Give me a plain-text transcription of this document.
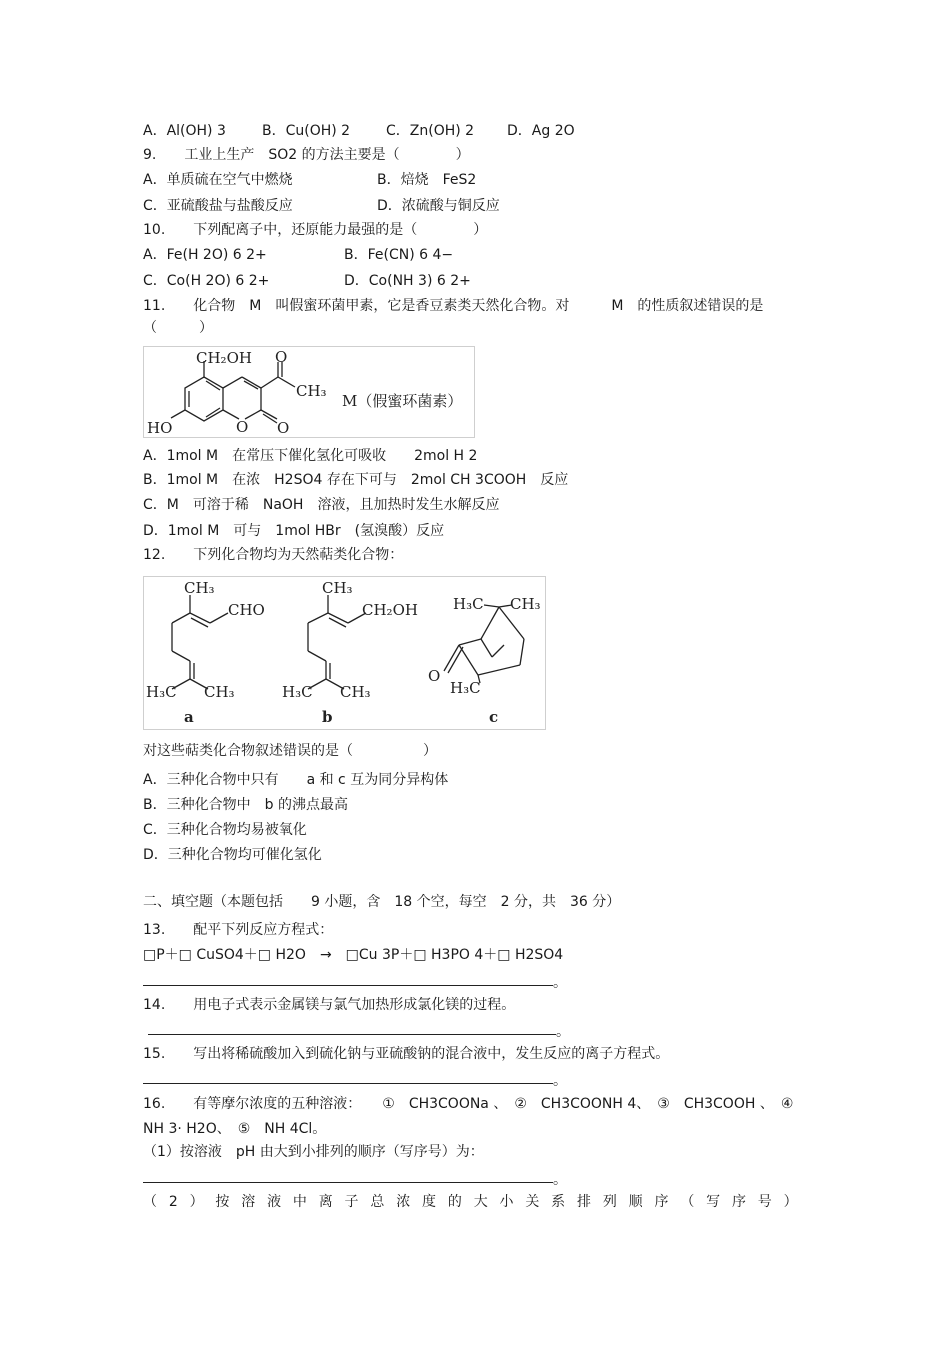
A．Al(OH) 3	B．Cu(OH) 2	C．Zn(OH) 2 D．Ag 2O
9.　　工业上生产　SO2 的方法主要是（　　　　）
A．单质硫在空气中燃烧	B．焙烧　FeS2
C．亚硫酸盐与盐酸反应	D．浓硫酸与铜反应
10.　　下列配离子中，还原能力最强的是（　　　　）
A．Fe(H 2O) 6 2+	B．Fe(CN) 6 4−
C．Co(H 2O) 6 2+	D．Co(NH 3) 6 2+
11.　　化合物　M　叫假蜜环菌甲素，它是香豆素类天然化合物。对　　　M　的性质叙述错误的是
（　　　）
CH₂OH O
CH₃
HO	O O
M（假蜜环菌素）
A．1mol M　在常压下催化氢化可吸收　　2mol H 2
B．1mol M　在浓　H2SO4 存在下可与　2mol CH 3COOH　反应
C．M　可溶于稀　NaOH　溶液，且加热时发生水解反应
D．1mol M　可与　1mol HBr　(氢溴酸）反应
12.　　下列化合物均为天然萜类化合物：
CH₃
CHO
H₃C CH₃
a
CH₃
CH₂OH
H₃C CH₃
b
H₃C CH₃
O
H₃C
c
对这些萜类化合物叙述错误的是（　　　　　）
A．三种化合物中只有　　a 和 c 互为同分异构体
B．三种化合物中　b 的沸点最高
C．三种化合物均易被氧化
D．三种化合物均可催化氢化
二、填空题（本题包括　　9 小题，含　18 个空，每空　2 分，共　36 分）
13.　　配平下列反应方程式：
□P＋□ CuSO4＋□ H2O　→　□Cu 3P＋□ H3PO 4＋□ H2SO4
。
14.　　用电子式表示金属镁与氯气加热形成氯化镁的过程。
。
15.　　写出将稀硫酸加入到硫化钠与亚硫酸钠的混合液中，发生反应的离子方程式。
。
16.　　有等摩尔浓度的五种溶液：　　①　CH3COONa 、　②　CH3COONH 4、　③　CH3COOH 、　④
NH 3· H2O、　⑤　NH 4Cl。
（1）按溶液　pH 由大到小排列的顺序（写序号）为：
。
（ 2 ） 按 溶 液 中 离 子 总 浓 度 的 大 小 关 系 排 列 顺 序 （ 写 序 号 ）
